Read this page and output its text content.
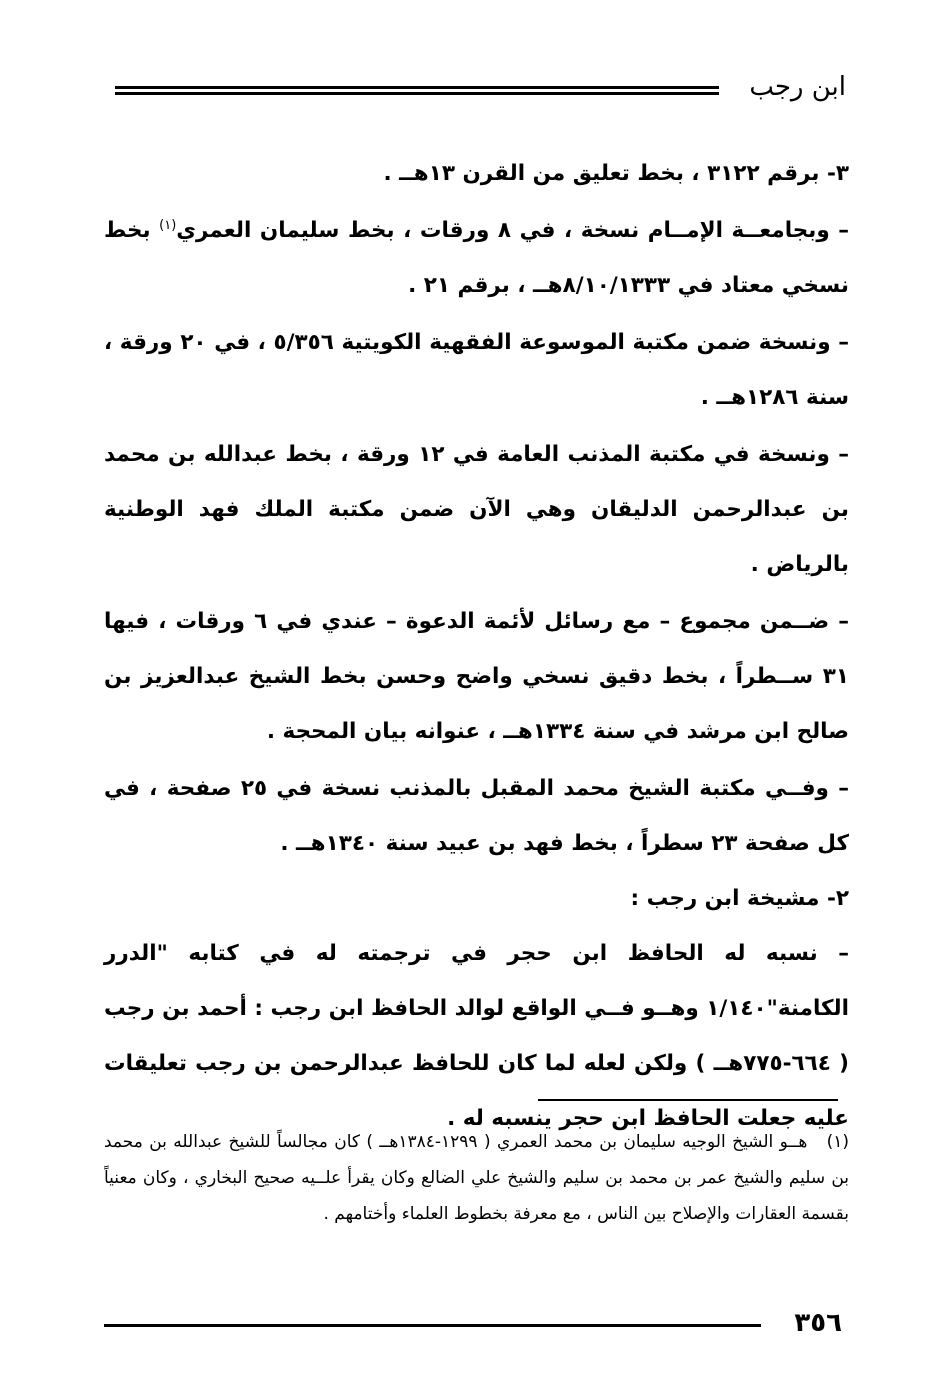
ابن رجب

٣- برقم ٣١٢٢ ، بخط تعليق من القرن ١٣هــ .

– وبجامعــة الإمــام نسخة ، في ٨ ورقات ، بخط سليمان العمري$^{(١)}$ بخط نسخي معتاد في ٨/١٠/١٣٣٣هــ ، برقم ٢١ .

– ونسخة ضمن مكتبة الموسوعة الفقهية الكويتية ٥/٣٥٦ ، في ٢٠ ورقة ، سنة ١٢٨٦هــ .

– ونسخة في مكتبة المذنب العامة في ١٢ ورقة ، بخط عبدالله بن محمد بن عبدالرحمن الدليقان وهي الآن ضمن مكتبة الملك فهد الوطنية بالرياض .

– ضــمن مجموع – مع رسائل لأئمة الدعوة – عندي في ٦ ورقات ، فيها ٣١ ســطراً ، بخط دقيق نسخي واضح وحسن بخط الشيخ عبدالعزيز بن صالح ابن مرشد في سنة ١٣٣٤هــ ، عنوانه بيان المحجة .

– وفــي مكتبة الشيخ محمد المقبل بالمذنب نسخة في ٢٥ صفحة ، في كل صفحة ٢٣ سطراً ، بخط فهد بن عبيد سنة ١٣٤٠هــ .

٢- مشيخة ابن رجب :

– نسبه له الحافظ ابن حجر في ترجمته له في كتابه "الدرر الكامنة"١/١٤٠ وهــو فــي الواقع لوالد الحافظ ابن رجب : أحمد بن رجب ( ٦٦٤-٧٧٥هــ ) ولكن لعله لما كان للحافظ عبدالرحمن بن رجب تعليقات عليه جعلت الحافظ ابن حجر ينسبه له .

(١)   هــو الشيخ الوجيه سليمان بن محمد العمري ( ١٢٩٩-١٣٨٤هــ ) كان مجالساً للشيخ عبدالله بن محمد بن سليم والشيخ عمر بن محمد بن سليم والشيخ علي الضالع وكان يقرأ علــيه صحيح البخاري ، وكان معنياً بقسمة العقارات والإصلاح بين الناس ، مع معرفة بخطوط العلماء وأختامهم .
٣٥٦
